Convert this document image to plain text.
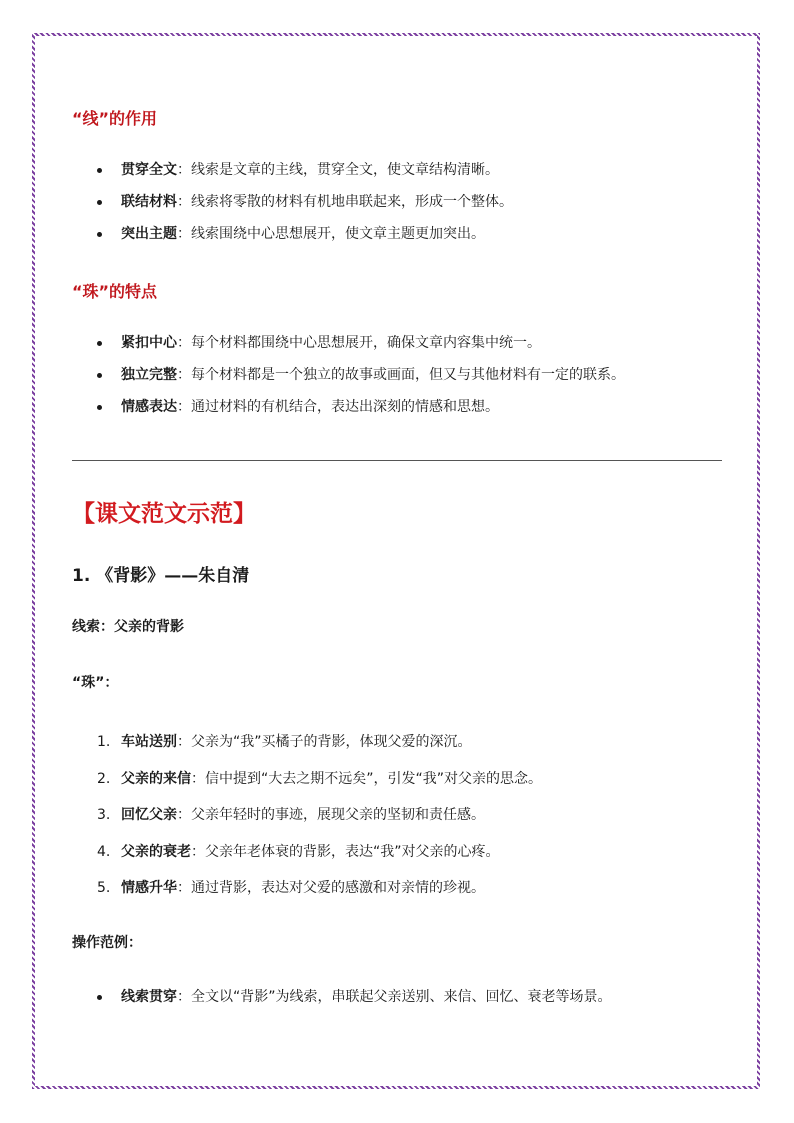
“线”的作用
贯穿全文：线索是文章的主线，贯穿全文，使文章结构清晰。
联结材料：线索将零散的材料有机地串联起来，形成一个整体。
突出主题：线索围绕中心思想展开，使文章主题更加突出。
“珠”的特点
紧扣中心：每个材料都围绕中心思想展开，确保文章内容集中统一。
独立完整：每个材料都是一个独立的故事或画面，但又与其他材料有一定的联系。
情感表达：通过材料的有机结合，表达出深刻的情感和思想。
【课文范文示范】
1. 《背影》——朱自清
线索：父亲的背影
“珠”：
1. 车站送别：父亲为“我”买橘子的背影，体现父爱的深沉。
2. 父亲的来信：信中提到“大去之期不远矣”，引发“我”对父亲的思念。
3. 回忆父亲：父亲年轻时的事迹，展现父亲的坚韧和责任感。
4. 父亲的衰老：父亲年老体衰的背影，表达“我”对父亲的心疼。
5. 情感升华：通过背影，表达对父爱的感激和对亲情的珍视。
操作范例：
线索贯穿：全文以“背影”为线索，串联起父亲送别、来信、回忆、衰老等场景。
